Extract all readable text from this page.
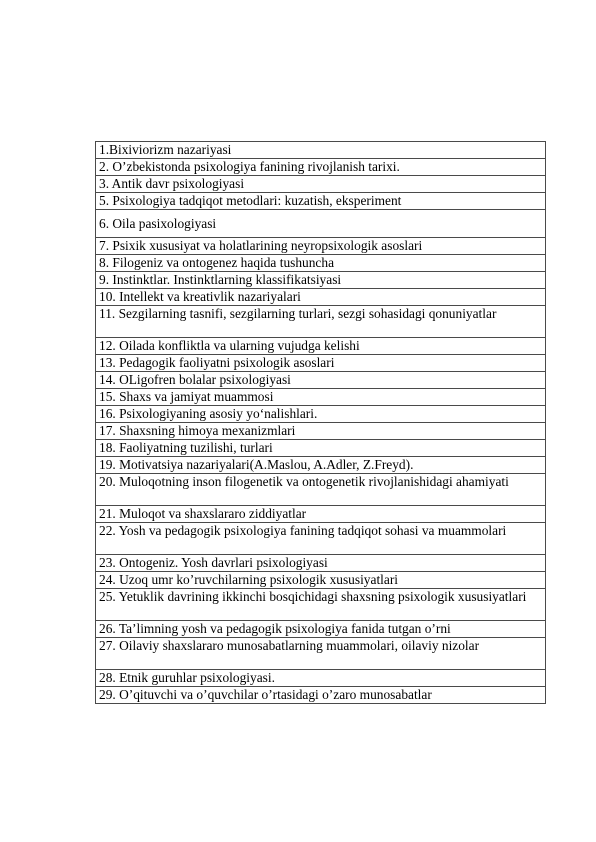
1.Bixiviorizm nazariyasi
2. O’zbekistonda psixologiya fanining rivojlanish tarixi.
3. Antik davr psixologiyasi
5. Psixologiya tadqiqot metodlari: kuzatish, eksperiment
6. Oila pasixologiyasi
7. Psixik xususiyat va holatlarining neyropsixologik asoslari
8. Filogeniz va ontogenez haqida tushuncha
9. Instinktlar. Instinktlarning klassifikatsiyasi
10. Intellekt va kreativlik nazariyalari
11. Sezgilarning tasnifi, sezgilarning turlari, sezgi sohasidagi qonuniyatlar
12. Oilada konfliktla va ularning vujudga kelishi
13. Pedagogik faoliyatni psixologik asoslari
14. OLigofren bolalar psixologiyasi
15. Shaxs va jamiyat muammosi
16. Psixologiyaning asosiy yo‘nalishlari.
17. Shaxsning himoya mexanizmlari
18. Faoliyatning tuzilishi, turlari
19. Motivatsiya nazariyalari(A.Maslou, A.Adler, Z.Freyd).
20. Muloqotning inson filogenetik va ontogenetik rivojlanishidagi ahamiyati
21. Muloqot va shaxslararo ziddiyatlar
22. Yosh va pedagogik psixologiya fanining tadqiqot sohasi va muammolari
23. Ontogeniz. Yosh davrlari psixologiyasi
24. Uzoq umr ko’ruvchilarning psixologik xususiyatlari
25. Yetuklik davrining ikkinchi bosqichidagi shaxsning psixologik xususiyatlari
26. Ta’limning yosh va pedagogik psixologiya fanida tutgan o’rni
27. Oilaviy shaxslararo munosabatlarning muammolari, oilaviy nizolar
28. Etnik guruhlar psixologiyasi.
29. O’qituvchi va o’quvchilar o’rtasidagi o’zaro munosabatlar
